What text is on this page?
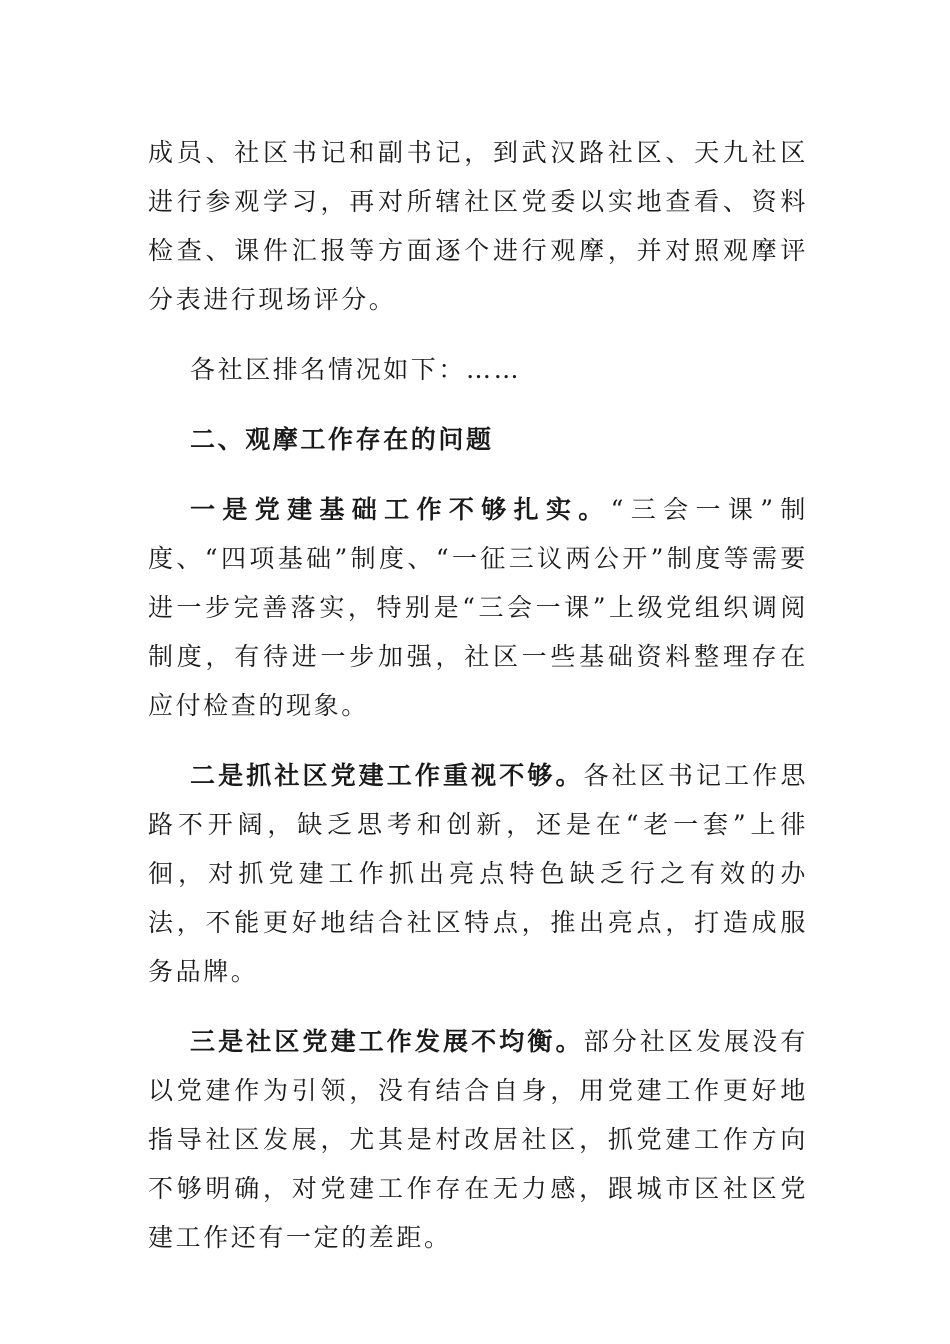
成员、社区书记和副书记，到武汉路社区、天九社区进行参观学习，再对所辖社区党委以实地查看、资料检查、课件汇报等方面逐个进行观摩，并对照观摩评分表进行现场评分。

各社区排名情况如下：……

二、观摩工作存在的问题

一是党建基础工作不够扎实。“三会一课”制度、“四项基础”制度、“一征三议两公开”制度等需要进一步完善落实，特别是“三会一课”上级党组织调阅制度，有待进一步加强，社区一些基础资料整理存在应付检查的现象。

二是抓社区党建工作重视不够。各社区书记工作思路不开阔，缺乏思考和创新，还是在“老一套”上徘徊，对抓党建工作抓出亮点特色缺乏行之有效的办法，不能更好地结合社区特点，推出亮点，打造成服务品牌。

三是社区党建工作发展不均衡。部分社区发展没有以党建作为引领，没有结合自身，用党建工作更好地指导社区发展，尤其是村改居社区，抓党建工作方向不够明确，对党建工作存在无力感，跟城市区社区党建工作还有一定的差距。
